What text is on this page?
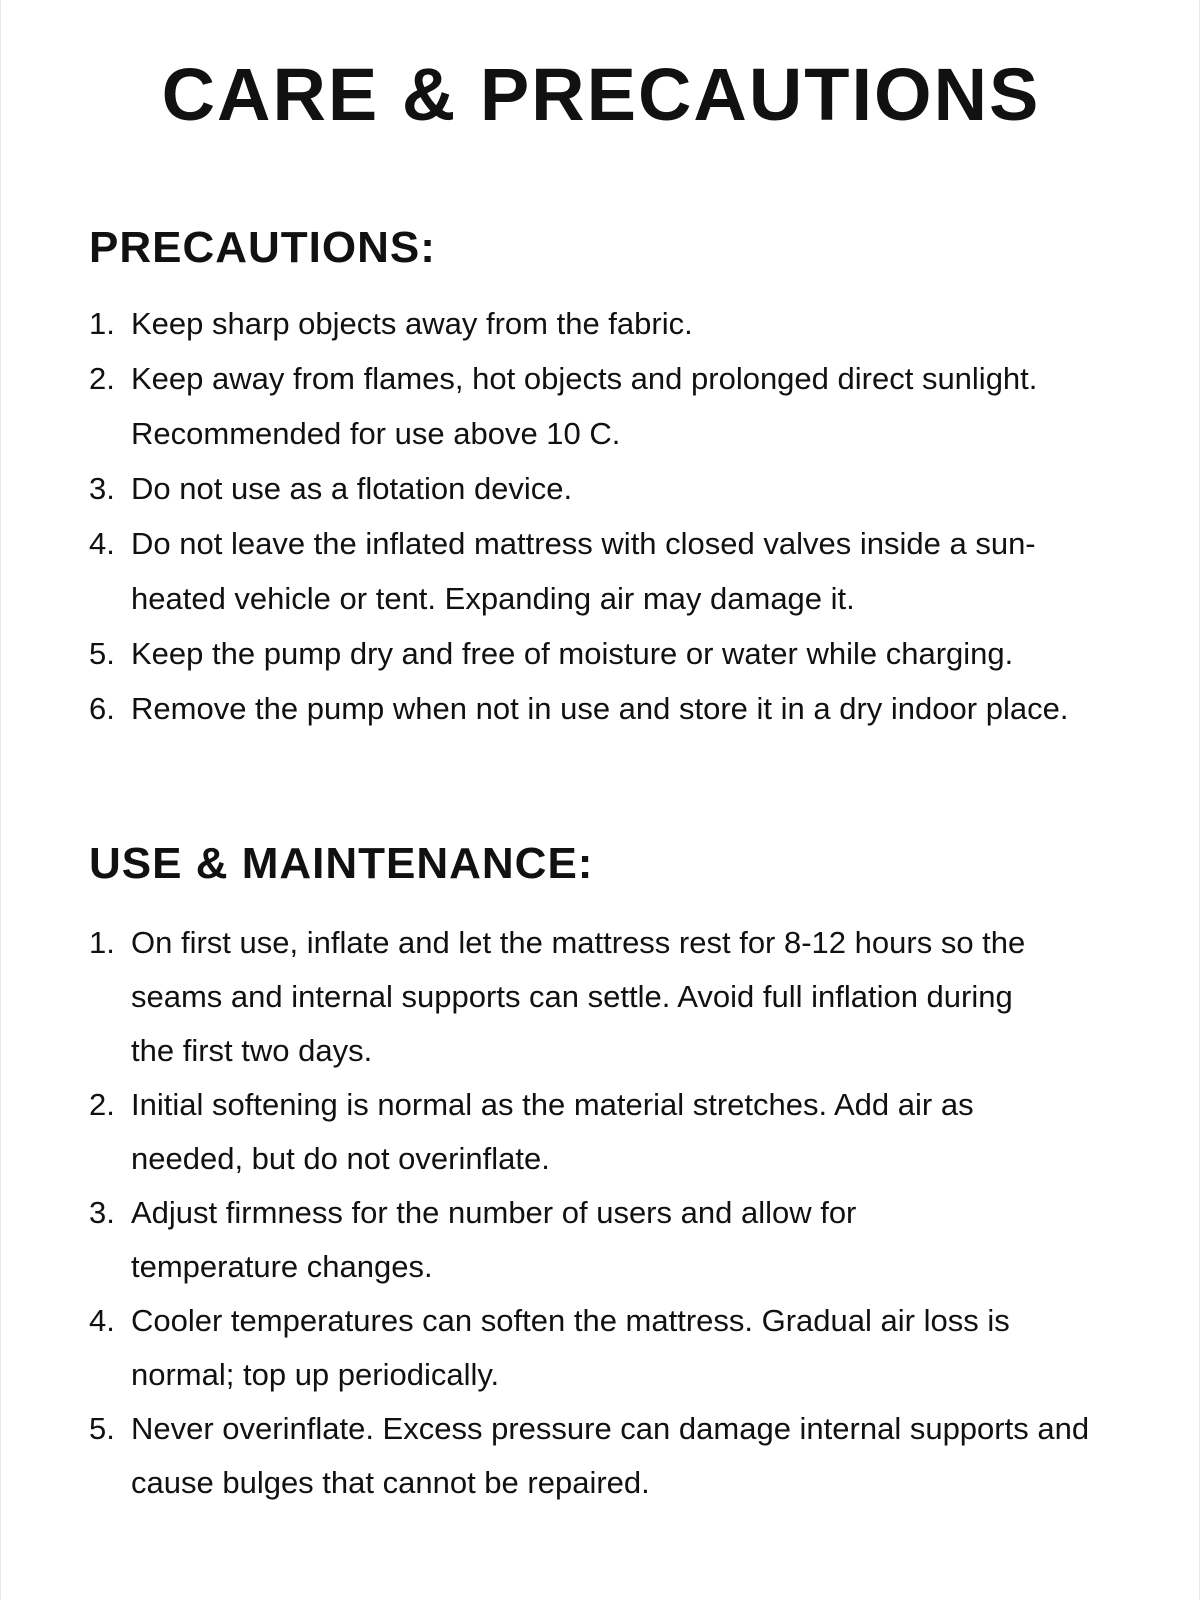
CARE & PRECAUTIONS
PRECAUTIONS:
1. Keep sharp objects away from the fabric.
2. Keep away from flames, hot objects and prolonged direct sunlight. Recommended for use above 10 C.
3. Do not use as a flotation device.
4. Do not leave the inflated mattress with closed valves inside a sun-heated vehicle or tent. Expanding air may damage it.
5. Keep the pump dry and free of moisture or water while charging.
6. Remove the pump when not in use and store it in a dry indoor place.
USE & MAINTENANCE:
1. On first use, inflate and let the mattress rest for 8-12 hours so the seams and internal supports can settle. Avoid full inflation during the first two days.
2. Initial softening is normal as the material stretches. Add air as needed, but do not overinflate.
3. Adjust firmness for the number of users and allow for temperature changes.
4. Cooler temperatures can soften the mattress. Gradual air loss is normal; top up periodically.
5. Never overinflate. Excess pressure can damage internal supports and cause bulges that cannot be repaired.
